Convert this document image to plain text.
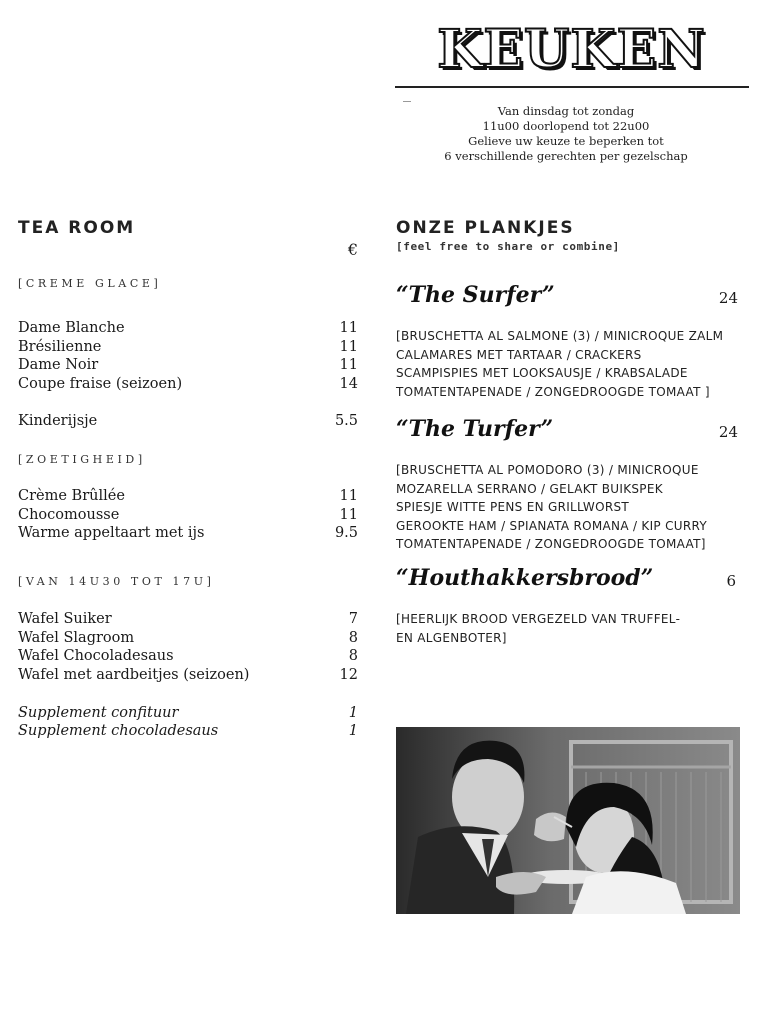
KEUKEN
Van dinsdag tot zondag
11u00 doorlopend tot 22u00
Gelieve uw keuze te beperken tot
6 verschillende gerechten per gezelschap
TEA ROOM
€
[CREME GLACE]
Dame Blanche	11
Brésilienne	11
Dame Noir	11
Coupe fraise (seizoen)	14
Kinderijsje	5.5
[ZOETIGHEID]
Crème Brûllée	11
Chocomousse	11
Warme appeltaart met ijs	9.5
[VAN 14U30 TOT 17U]
Wafel Suiker	7
Wafel Slagroom	8
Wafel Chocoladesaus	8
Wafel met aardbeitjes (seizoen)	12
Supplement confituur	1
Supplement chocoladesaus	1
ONZE PLANKJES
[feel free to share or combine]
“The Surfer”	24
[BRUSCHETTA AL SALMONE (3) / MINICROQUE ZALM
CALAMARES MET TARTAAR / CRACKERS
SCAMPISPIES MET LOOKSAUSJE / KRABSALADE
TOMATENTAPENADE / ZONGEDROOGDE TOMAAT ]
“The Turfer”	24
[BRUSCHETTA AL POMODORO (3) / MINICROQUE
MOZARELLA SERRANO / GELAKT BUIKSPEK
SPIESJE WITTE PENS EN GRILLWORST
GEROOKTE HAM / SPIANATA ROMANA / KIP CURRY
TOMATENTAPENADE / ZONGEDROOGDE TOMAAT]
“Houthakkersbrood”	6
[HEERLIJK BROOD VERGEZELD VAN TRUFFEL-
EN ALGENBOTER]
